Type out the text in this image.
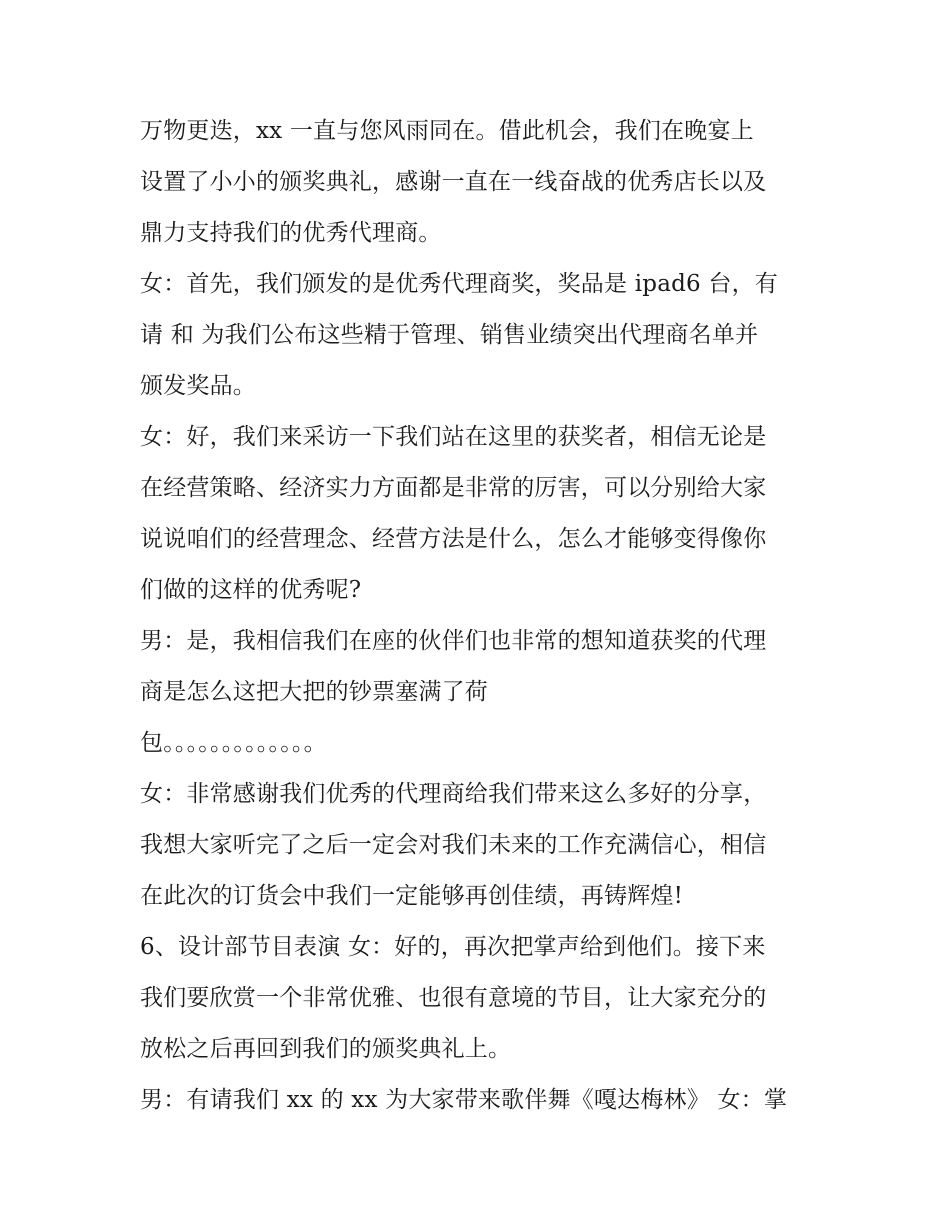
万物更迭，xx 一直与您风雨同在。借此机会，我们在晚宴上
设置了小小的颁奖典礼，感谢一直在一线奋战的优秀店长以及
鼎力支持我们的优秀代理商。
女：首先，我们颁发的是优秀代理商奖，奖品是 ipad6 台，有
请 和 为我们公布这些精于管理、销售业绩突出代理商名单并
颁发奖品。
女：好，我们来采访一下我们站在这里的获奖者，相信无论是
在经营策略、经济实力方面都是非常的厉害，可以分别给大家
说说咱们的经营理念、经营方法是什么，怎么才能够变得像你
们做的这样的优秀呢?
男：是，我相信我们在座的伙伴们也非常的想知道获奖的代理
商是怎么这把大把的钞票塞满了荷
包。。。。。。。。。。。。。
女：非常感谢我们优秀的代理商给我们带来这么多好的分享，
我想大家听完了之后一定会对我们未来的工作充满信心，相信
在此次的订货会中我们一定能够再创佳绩，再铸辉煌!
6、设计部节目表演 女：好的，再次把掌声给到他们。接下来
我们要欣赏一个非常优雅、也很有意境的节目，让大家充分的
放松之后再回到我们的颁奖典礼上。
男：有请我们 xx 的 xx 为大家带来歌伴舞《嘎达梅林》 女：掌
